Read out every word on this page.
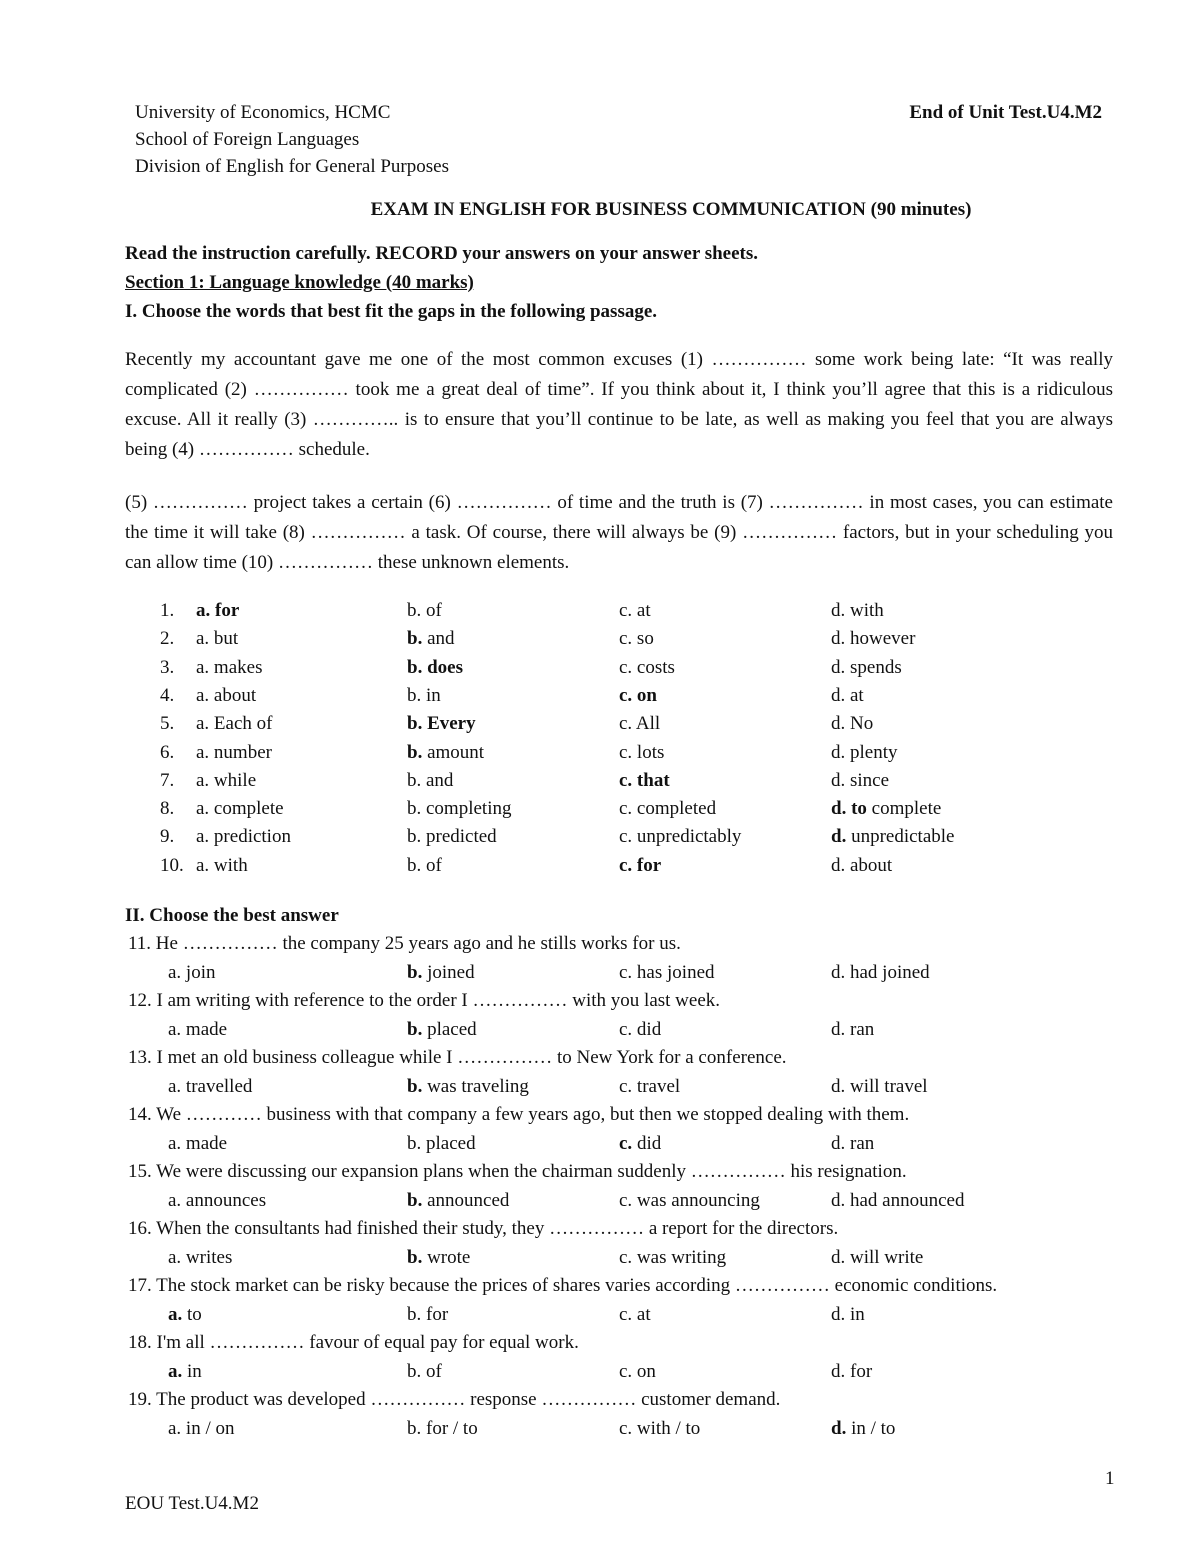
University of Economics, HCMC
School of Foreign Languages
Division of English for General Purposes
End of Unit Test.U4.M2
EXAM IN ENGLISH FOR BUSINESS COMMUNICATION (90 minutes)
Read the instruction carefully. RECORD your answers on your answer sheets.
Section 1: Language knowledge (40 marks)
I. Choose the words that best fit the gaps in the following passage.
Recently my accountant gave me one of the most common excuses (1) …………… some work being late: “It was really complicated (2) …………… took me a great deal of time”. If you think about it, I think you’ll agree that this is a ridiculous excuse. All it really (3) ………….. is to ensure that you’ll continue to be late, as well as making you feel that you are always being (4) …………… schedule.
(5) …………… project takes a certain (6) …………… of time and the truth is (7) …………… in most cases, you can estimate the time it will take (8) …………… a task. Of course, there will always be (9) …………… factors, but in your scheduling you can allow time (10) …………… these unknown elements.
1. a. for	b. of	c. at	d. with
2. a. but	b. and	c. so	d. however
3. a. makes	b. does	c. costs	d. spends
4. a. about	b. in	c. on	d. at
5. a. Each of	b. Every	c. All	d. No
6. a. number	b. amount	c. lots	d. plenty
7. a. while	b. and	c. that	d. since
8. a. complete	b. completing	c. completed	d. to complete
9. a. prediction	b. predicted	c. unpredictably	d. unpredictable
10. a. with	b. of	c. for	d. about
II. Choose the best answer
11. He …………… the company 25 years ago and he stills works for us.
a. join	b. joined	c. has joined	d. had joined
12. I am writing with reference to the order I …………… with you last week.
a. made	b. placed	c. did	d. ran
13. I met an old business colleague while I …………… to New York for a conference.
a. travelled	b. was traveling	c. travel	d. will travel
14. We ………… business with that company a few years ago, but then we stopped dealing with them.
a. made	b. placed	c. did	d. ran
15. We were discussing our expansion plans when the chairman suddenly …………… his resignation.
a. announces	b. announced	c. was announcing	d. had announced
16. When the consultants had finished their study, they …………… a report for the directors.
a. writes	b. wrote	c. was writing	d. will write
17. The stock market can be risky because the prices of shares varies according …………… economic conditions.
a. to	b. for	c. at	d. in
18. I'm all …………… favour of equal pay for equal work.
a. in	b. of	c. on	d. for
19. The product was developed …………… response …………… customer demand.
a. in / on	b. for / to	c. with / to	d. in / to
1
EOU Test.U4.M2
